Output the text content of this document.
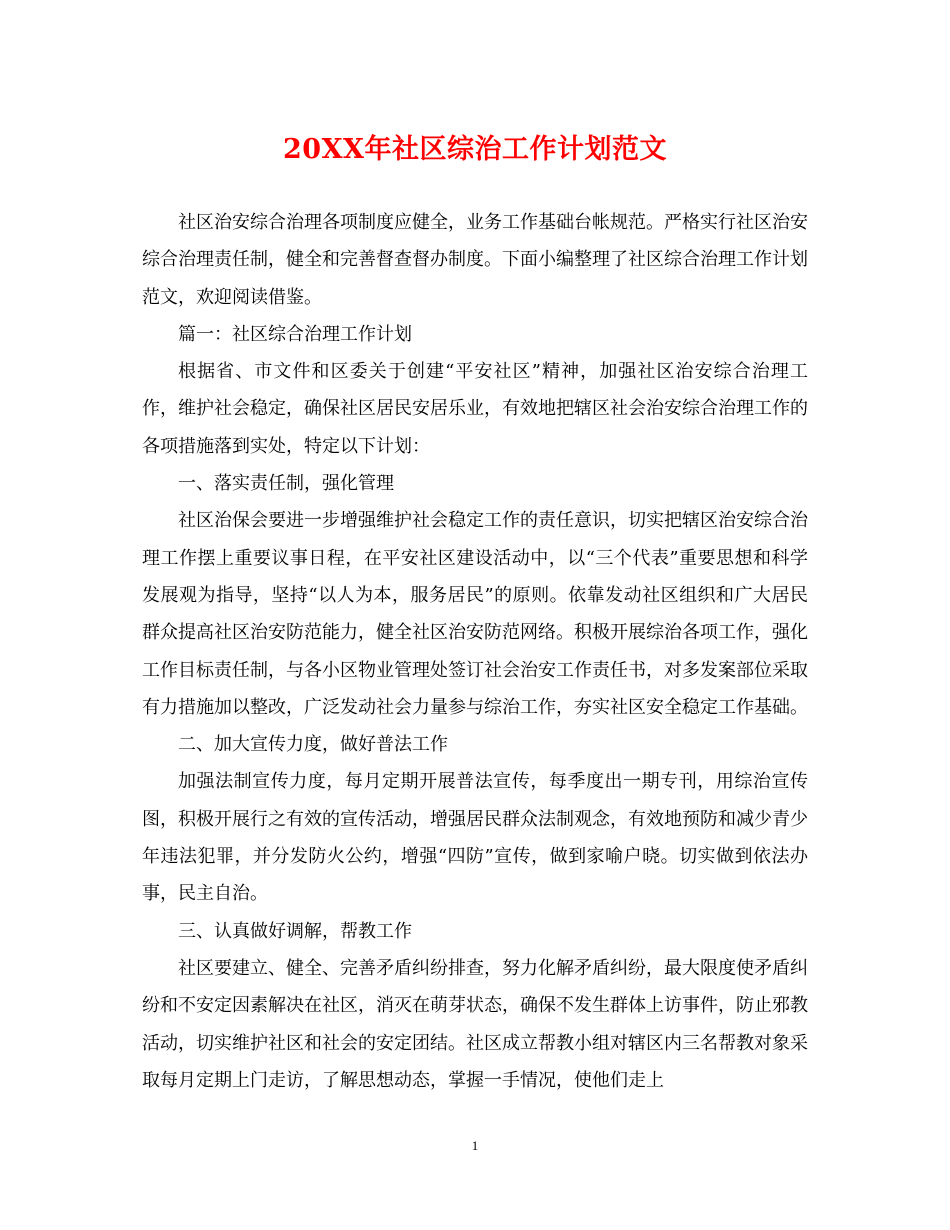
20XX年社区综治工作计划范文

社区治安综合治理各项制度应健全，业务工作基础台帐规范。严格实行社区治安综合治理责任制，健全和完善督查督办制度。下面小编整理了社区综合治理工作计划范文，欢迎阅读借鉴。

篇一：社区综合治理工作计划

根据省、市文件和区委关于创建“平安社区”精神，加强社区治安综合治理工作，维护社会稳定，确保社区居民安居乐业，有效地把辖区社会治安综合治理工作的各项措施落到实处，特定以下计划：

一、落实责任制，强化管理

社区治保会要进一步增强维护社会稳定工作的责任意识，切实把辖区治安综合治理工作摆上重要议事日程，在平安社区建设活动中，以“三个代表”重要思想和科学发展观为指导，坚持“以人为本，服务居民”的原则。依靠发动社区组织和广大居民群众提高社区治安防范能力，健全社区治安防范网络。积极开展综治各项工作，强化工作目标责任制，与各小区物业管理处签订社会治安工作责任书，对多发案部位采取有力措施加以整改，广泛发动社会力量参与综治工作，夯实社区安全稳定工作基础。

二、加大宣传力度，做好普法工作

加强法制宣传力度，每月定期开展普法宣传，每季度出一期专刊，用综治宣传图，积极开展行之有效的宣传活动，增强居民群众法制观念，有效地预防和减少青少年违法犯罪，并分发防火公约，增强“四防”宣传，做到家喻户晓。切实做到依法办事，民主自治。

三、认真做好调解，帮教工作

社区要建立、健全、完善矛盾纠纷排查，努力化解矛盾纠纷，最大限度使矛盾纠纷和不安定因素解决在社区，消灭在萌芽状态，确保不发生群体上访事件，防止邪教活动，切实维护社区和社会的安定团结。社区成立帮教小组对辖区内三名帮教对象采取每月定期上门走访，了解思想动态，掌握一手情况，使他们走上

1
